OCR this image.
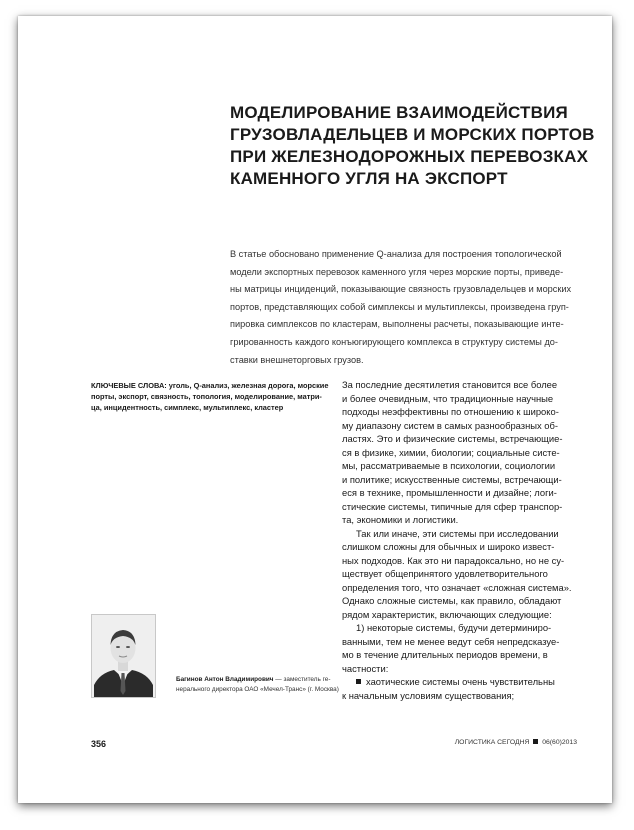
МОДЕЛИРОВАНИЕ ВЗАИМОДЕЙСТВИЯ
ГРУЗОВЛАДЕЛЬЦЕВ И МОРСКИХ ПОРТОВ
ПРИ ЖЕЛЕЗНОДОРОЖНЫХ ПЕРЕВОЗКАХ
КАМЕННОГО УГЛЯ НА ЭКСПОРТ
В статье обосновано применение Q-анализа для построения топологической
модели экспортных перевозок каменного угля через морские порты, приведе-
ны матрицы инциденций, показывающие связность грузовладельцев и морских
портов, представляющих собой симплексы и мультиплексы, произведена груп-
пировка симплексов по кластерам, выполнены расчеты, показывающие инте-
грированность каждого конъюгирующего комплекса в структуру системы до-
ставки внешнеторговых грузов.
КЛЮЧЕВЫЕ СЛОВА: уголь, Q-анализ, железная дорога, морские
порты, экспорт, связность, топология, моделирование, матри-
ца, инцидентность, симплекс, мультиплекс, кластер
За последние десятилетия становится все более
и более очевидным, что традиционные научные
подходы неэффективны по отношению к широко-
му диапазону систем в самых разнообразных об-
ластях. Это и физические системы, встречающие-
ся в физике, химии, биологии; социальные систе-
мы, рассматриваемые в психологии, социологии
и политике; искусственные системы, встречающи-
еся в технике, промышленности и дизайне; логи-
стические системы, типичные для сфер транспор-
та, экономики и логистики.
Так или иначе, эти системы при исследовании
слишком сложны для обычных и широко извест-
ных подходов. Как это ни парадоксально, но не су-
ществует общепринятого удовлетворительного
определения того, что означает «сложная система».
Однако сложные системы, как правило, обладают
рядом характеристик, включающих следующие:
1) некоторые системы, будучи детерминиро-
ванными, тем не менее ведут себя непредсказуе-
мо в течение длительных периодов времени, в
частности:
хаотические системы очень чувствительны
к начальным условиям существования;
Багинов Антон Владимирович — заместитель ге-
нерального директора ОАО «Мечел-Транс» (г. Москва)
356	ЛОГИСТИКА СЕГОДНЯ 06(60)2013
